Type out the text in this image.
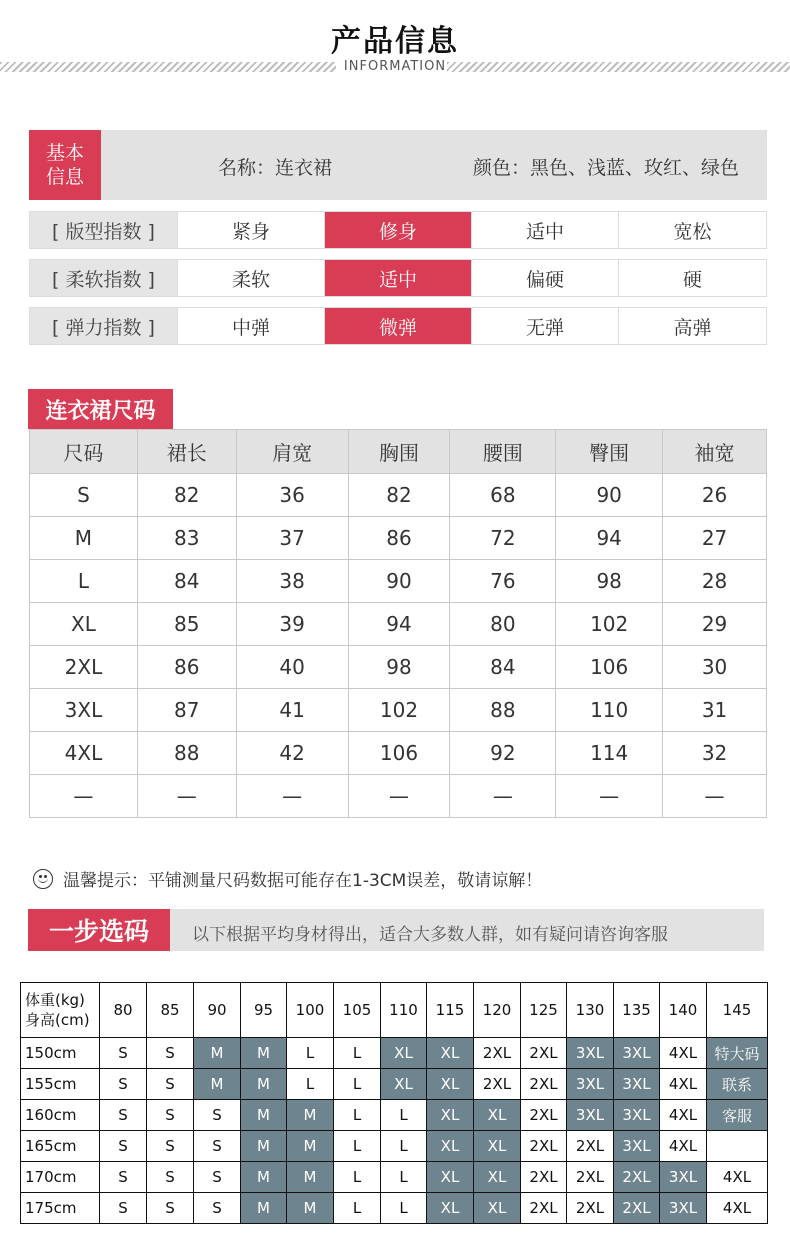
产品信息
INFORMATION
基本
信息	名称：连衣裙	颜色：黑色、浅蓝、玫红、绿色
[ 版型指数 ]	紧身	修身	适中	宽松
[ 柔软指数 ]	柔软	适中	偏硬	硬
[ 弹力指数 ]	中弹	微弹	无弹	高弹
连衣裙尺码
尺码	裙长	肩宽	胸围	腰围	臀围	袖宽
S	82	36	82	68	90	26
M	83	37	86	72	94	27
L	84	38	90	76	98	28
XL	85	39	94	80	102	29
2XL	86	40	98	84	106	30
3XL	87	41	102	88	110	31
4XL	88	42	106	92	114	32
—	—	—	—	—	—	—
温馨提示：平铺测量尺码数据可能存在1-3CM误差，敬请谅解！
一步选码	以下根据平均身材得出，适合大多数人群，如有疑问请咨询客服
体重(kg)
身高(cm)	80	85	90	95	100	105	110	115	120	125	130	135	140	145
150cm	S	S	M	M	L	L	XL	XL	2XL	2XL	3XL	3XL	4XL	特大码
155cm	S	S	M	M	L	L	XL	XL	2XL	2XL	3XL	3XL	4XL	联系
160cm	S	S	S	M	M	L	L	XL	XL	2XL	3XL	3XL	4XL	客服
165cm	S	S	S	M	M	L	L	XL	XL	2XL	2XL	3XL	4XL	
170cm	S	S	S	M	M	L	L	XL	XL	2XL	2XL	2XL	3XL	4XL
175cm	S	S	S	M	M	L	L	XL	XL	2XL	2XL	2XL	3XL	4XL
